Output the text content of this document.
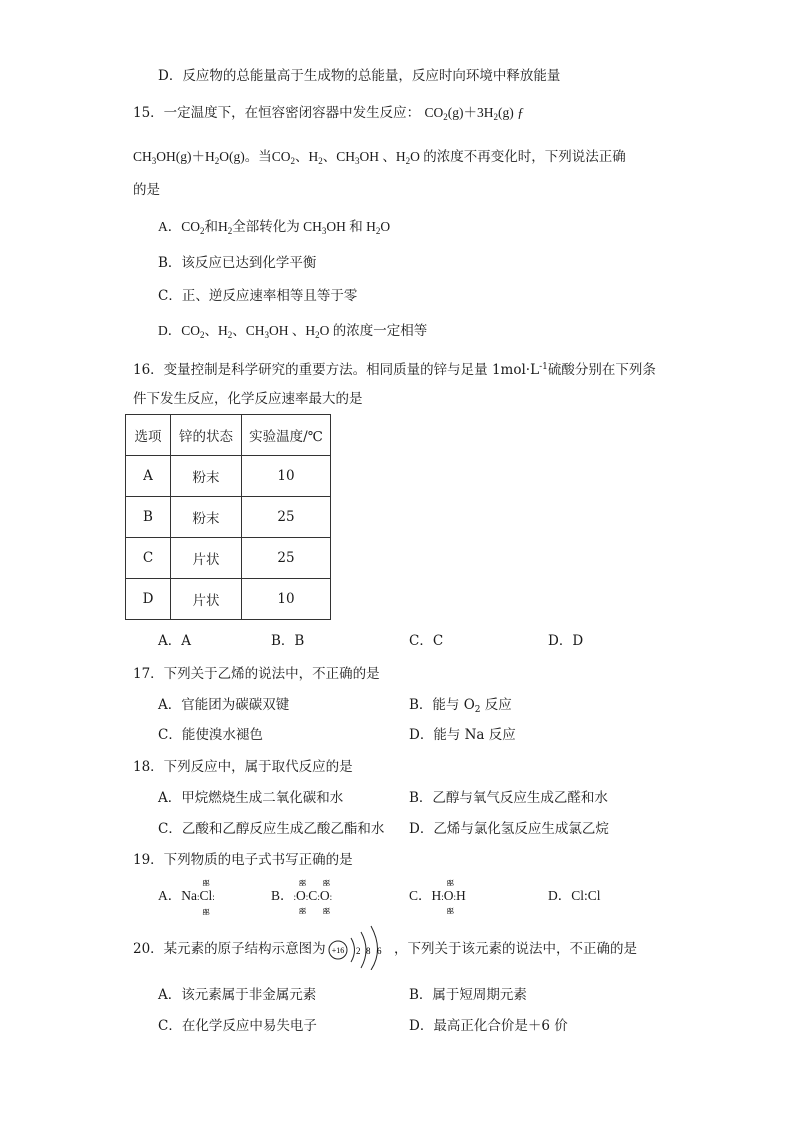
D．反应物的总能量高于生成物的总能量，反应时向环境中释放能量
15．一定温度下，在恒容密闭容器中发生反应： $CO_2(g)+3H_2(g)$ ƒ
$CH_3OH(g)+H_2O(g)$。当$CO_2$、$H_2$、$CH_3OH$ 、$H_2O$ 的浓度不再变化时，下列说法正确
的是
A．$CO_2$和$H_2$全部转化为 $CH_3OH$ 和 $H_2O$
B．该反应已达到化学平衡
C．正、逆反应速率相等且等于零
D．$CO_2$、$H_2$、$CH_3OH$ 、$H_2O$ 的浓度一定相等
16．变量控制是科学研究的重要方法。相同质量的锌与足量 $1mol\cdot L^{-1}$硫酸分别在下列条
件下发生反应，化学反应速率最大的是
选项	锌的状态	实验温度/℃
A	粉末	10
B	粉末	25
C	片状	25
D	片状	10
A．A	B．B	C．C	D．D
17．下列关于乙烯的说法中，不正确的是
A．官能团为碳碳双键	B．能与 $O_2$ 反应
C．能使溴水褪色	D．能与 Na 反应
18．下列反应中，属于取代反应的是
A．甲烷燃烧生成二氧化碳和水	B．乙醇与氧气反应生成乙醛和水
C．乙酸和乙醇反应生成乙酸乙酯和水 D．乙烯与氯化氢反应生成氯乙烷
19．下列物质的电子式书写正确的是
A．Na:
gg
Cl:
gg
B．:
gg
O
gg
:C:
gg
O
gg
:	C．H:
gg
O
gg
:H	D．Cl:Cl
20．某元素的原子结构示意图为 +16 2 8 6 ，下列关于该元素的说法中，不正确的是
A．该元素属于非金属元素	B．属于短周期元素
C．在化学反应中易失电子	D．最高正化合价是＋6 价
